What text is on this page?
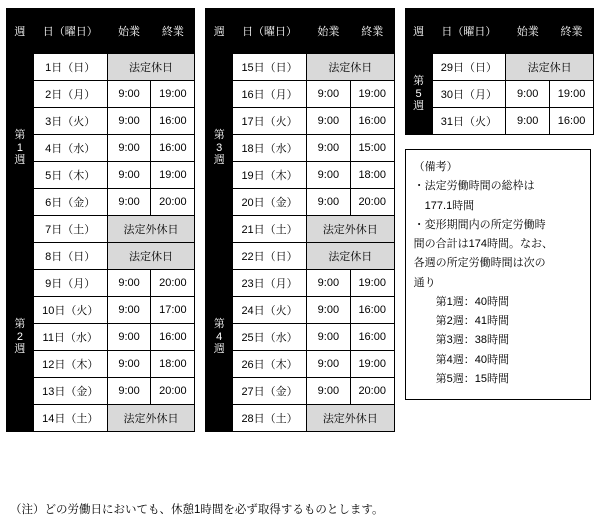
週	日（曜日）	始業	終業

第
1
週	1日（日）	法定休日	
	2日（月）	9:00	19:00
	3日（火）	9:00	16:00
	4日（水）	9:00	16:00
	5日（木）	9:00	19:00
	6日（金）	9:00	20:00
	7日（土）	法定外休日	

第
2
週	8日（日）	法定休日	
	9日（月）	9:00	20:00
	10日（火）	9:00	17:00
	11日（水）	9:00	16:00
	12日（木）	9:00	18:00
	13日（金）	9:00	20:00
	14日（土）	法定外休日	
週	日（曜日）	始業	終業

第
3
週	15日（日）	法定休日	
	16日（月）	9:00	19:00
	17日（火）	9:00	16:00
	18日（水）	9:00	15:00
	19日（木）	9:00	18:00
	20日（金）	9:00	20:00
	21日（土）	法定外休日	

第
4
週	22日（日）	法定休日	
	23日（月）	9:00	19:00
	24日（火）	9:00	16:00
	25日（水）	9:00	16:00
	26日（木）	9:00	19:00
	27日（金）	9:00	20:00
	28日（土）	法定外休日	
週	日（曜日）	始業	終業

第
5
週	29日（日）	法定休日	
	30日（月）	9:00	19:00
	31日（火）	9:00	16:00
（備考）
・法定労働時間の総枠は
177.1時間
・変形期間内の所定労働時
間の合計は174時間。なお、
各週の所定労働時間は次の
通り
第1週：40時間
第2週：41時間
第3週：38時間
第4週：40時間
第5週：15時間
（注）どの労働日においても、休憩1時間を必ず取得するものとします。
